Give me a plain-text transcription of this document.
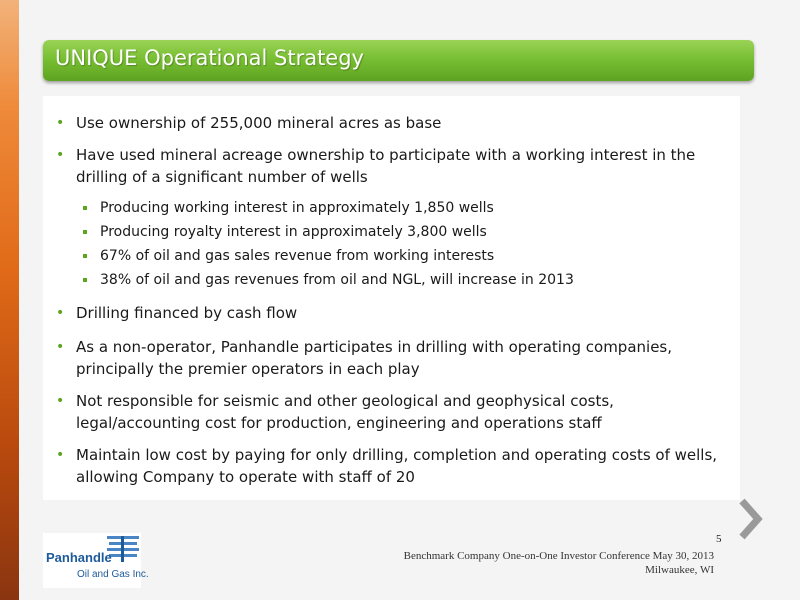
UNIQUE Operational Strategy
• Use ownership of 255,000 mineral acres as base
• Have used mineral acreage ownership to participate with a working interest in the drilling of a significant number of wells
Producing working interest in approximately 1,850 wells
Producing royalty interest in approximately 3,800 wells
67% of oil and gas sales revenue from working interests
38% of oil and gas revenues from oil and NGL, will increase in 2013
• Drilling financed by cash flow
• As a non-operator, Panhandle participates in drilling with operating companies, principally the premier operators in each play
• Not responsible for seismic and other geological and geophysical costs, legal/accounting cost for production, engineering and operations staff
• Maintain low cost by paying for only drilling, completion and operating costs of wells, allowing Company to operate with staff of 20
5
Benchmark Company One-on-One Investor Conference May 30, 2013
Milwaukee, WI
Panhandle
Oil and Gas Inc.
